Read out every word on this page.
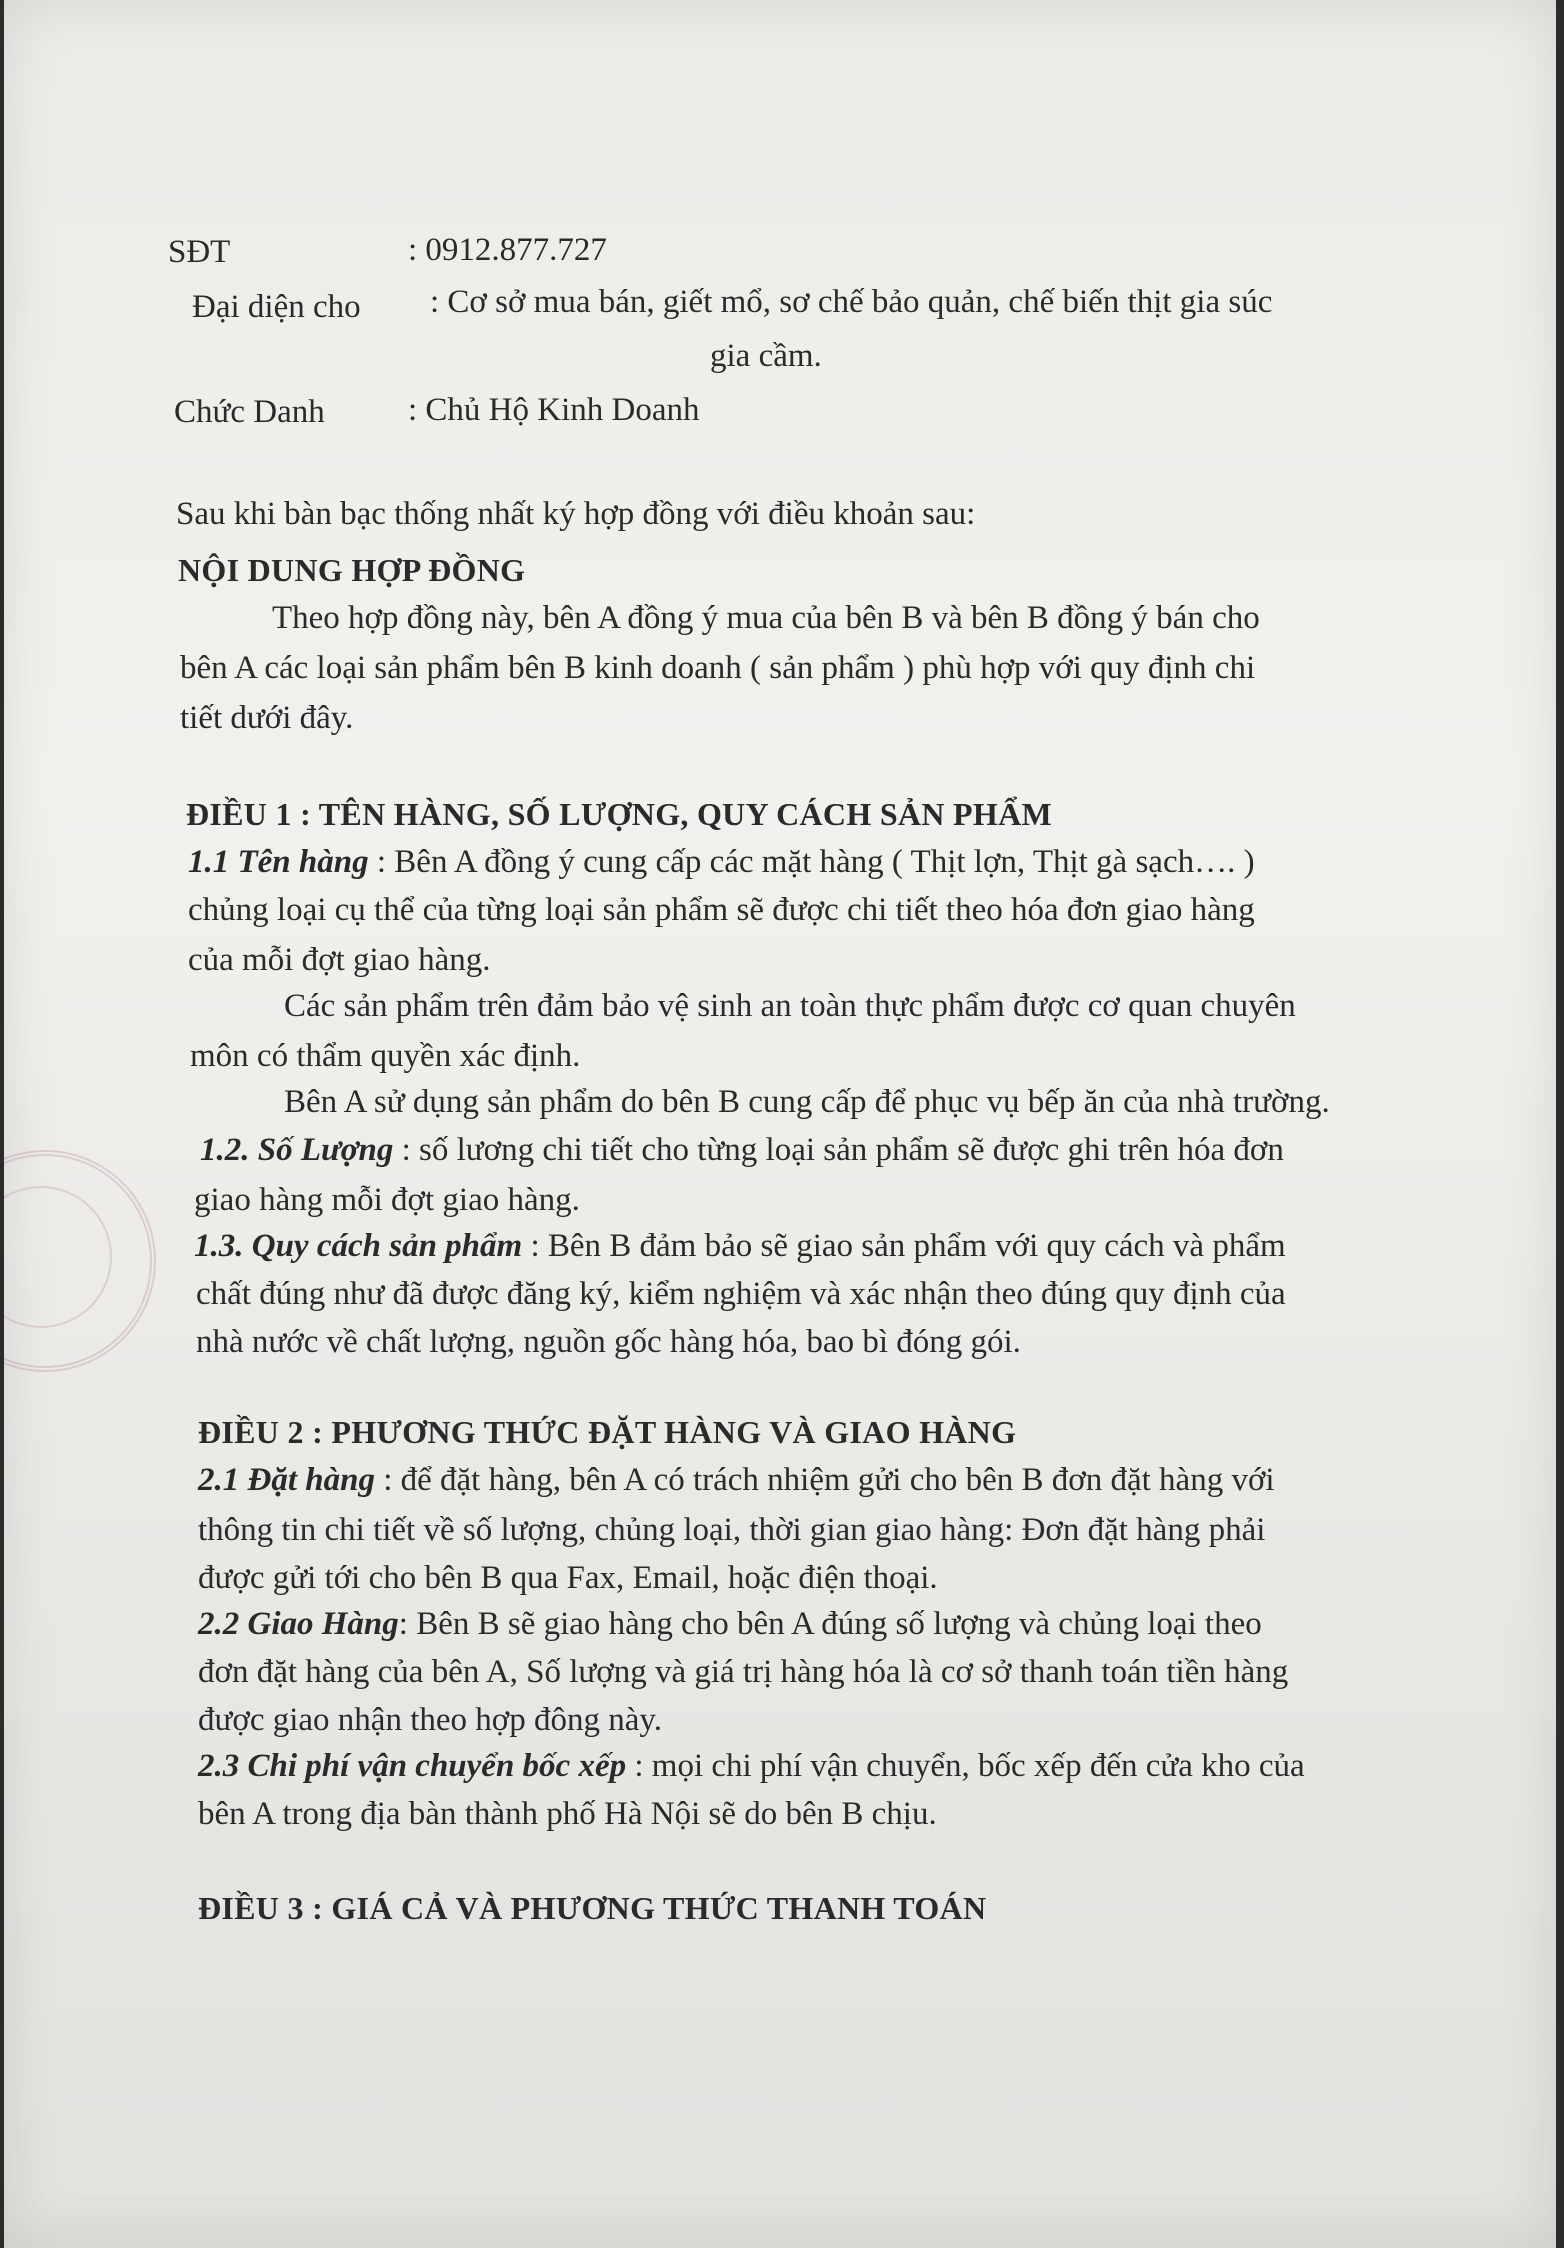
SĐT	: 0912.877.727
Đại diện cho : Cơ sở mua bán, giết mổ, sơ chế bảo quản, chế biến thịt gia súc
gia cầm.
Chức Danh	: Chủ Hộ Kinh Doanh
Sau khi bàn bạc thống nhất ký hợp đồng với điều khoản sau:
NỘI DUNG HỢP ĐỒNG
Theo hợp đồng này, bên A đồng ý mua của bên B và bên B đồng ý bán cho
bên A các loại sản phẩm bên B kinh doanh ( sản phẩm ) phù hợp với quy định chi
tiết dưới đây.
ĐIỀU 1 : TÊN HÀNG, SỐ LƯỢNG, QUY CÁCH SẢN PHẨM
1.1 Tên hàng : Bên A đồng ý cung cấp các mặt hàng ( Thịt lợn, Thịt gà sạch…. )
chủng loại cụ thể của từng loại sản phẩm sẽ được chi tiết theo hóa đơn giao hàng
của mỗi đợt giao hàng.
Các sản phẩm trên đảm bảo vệ sinh an toàn thực phẩm được cơ quan chuyên
môn có thẩm quyền xác định.
Bên A sử dụng sản phẩm do bên B cung cấp để phục vụ bếp ăn của nhà trường.
1.2. Số Lượng : số lương chi tiết cho từng loại sản phẩm sẽ được ghi trên hóa đơn
giao hàng mỗi đợt giao hàng.
1.3. Quy cách sản phẩm : Bên B đảm bảo sẽ giao sản phẩm với quy cách và phẩm
chất đúng như đã được đăng ký, kiểm nghiệm và xác nhận theo đúng quy định của
nhà nước về chất lượng, nguồn gốc hàng hóa, bao bì đóng gói.
ĐIỀU 2 : PHƯƠNG THỨC ĐẶT HÀNG VÀ GIAO HÀNG
2.1 Đặt hàng : để đặt hàng, bên A có trách nhiệm gửi cho bên B đơn đặt hàng với
thông tin chi tiết về số lượng, chủng loại, thời gian giao hàng: Đơn đặt hàng phải
được gửi tới cho bên B qua Fax, Email, hoặc điện thoại.
2.2 Giao Hàng: Bên B sẽ giao hàng cho bên A đúng số lượng và chủng loại theo
đơn đặt hàng của bên A, Số lượng và giá trị hàng hóa là cơ sở thanh toán tiền hàng
được giao nhận theo hợp đông này.
2.3 Chi phí vận chuyển bốc xếp : mọi chi phí vận chuyển, bốc xếp đến cửa kho của
bên A trong địa bàn thành phố Hà Nội sẽ do bên B chịu.
ĐIỀU 3 : GIÁ CẢ VÀ PHƯƠNG THỨC THANH TOÁN
